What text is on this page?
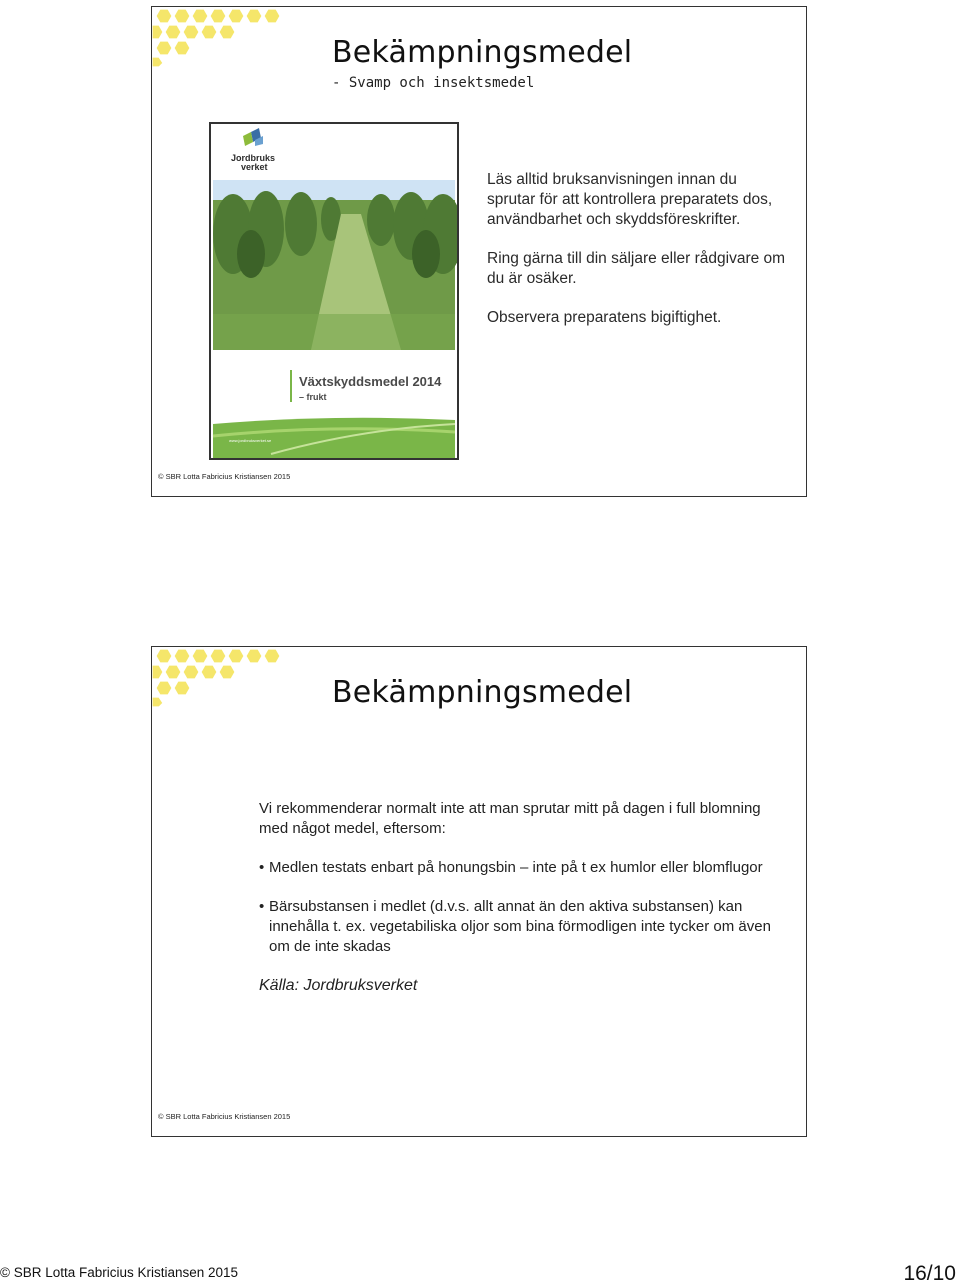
Bekämpningsmedel
- Svamp och insektsmedel
Växtskyddsmedel 2014
– frukt
www.jordbruksverket.se
Jordbruks
verket

Läs alltid bruksanvisningen innan du sprutar för att kontrollera preparatets dos, användbarhet och skyddsföreskrifter.

Ring gärna till din säljare eller rådgivare om du är osäker.

Observera preparatens bigiftighet.

© SBR Lotta Fabricius Kristiansen 2015
Bekämpningsmedel
Vi rekommenderar normalt inte att man sprutar mitt på dagen i full blomning med något medel, eftersom:
• Medlen testats enbart på honungsbin – inte på t ex humlor eller blomflugor
• Bärsubstansen i medlet (d.v.s. allt annat än den aktiva substansen) kan innehålla t. ex. vegetabiliska oljor som bina förmodligen inte tycker om även om de inte skadas
Källa: Jordbruksverket
© SBR Lotta Fabricius Kristiansen 2015
© SBR Lotta Fabricius Kristiansen 2015	16/10
